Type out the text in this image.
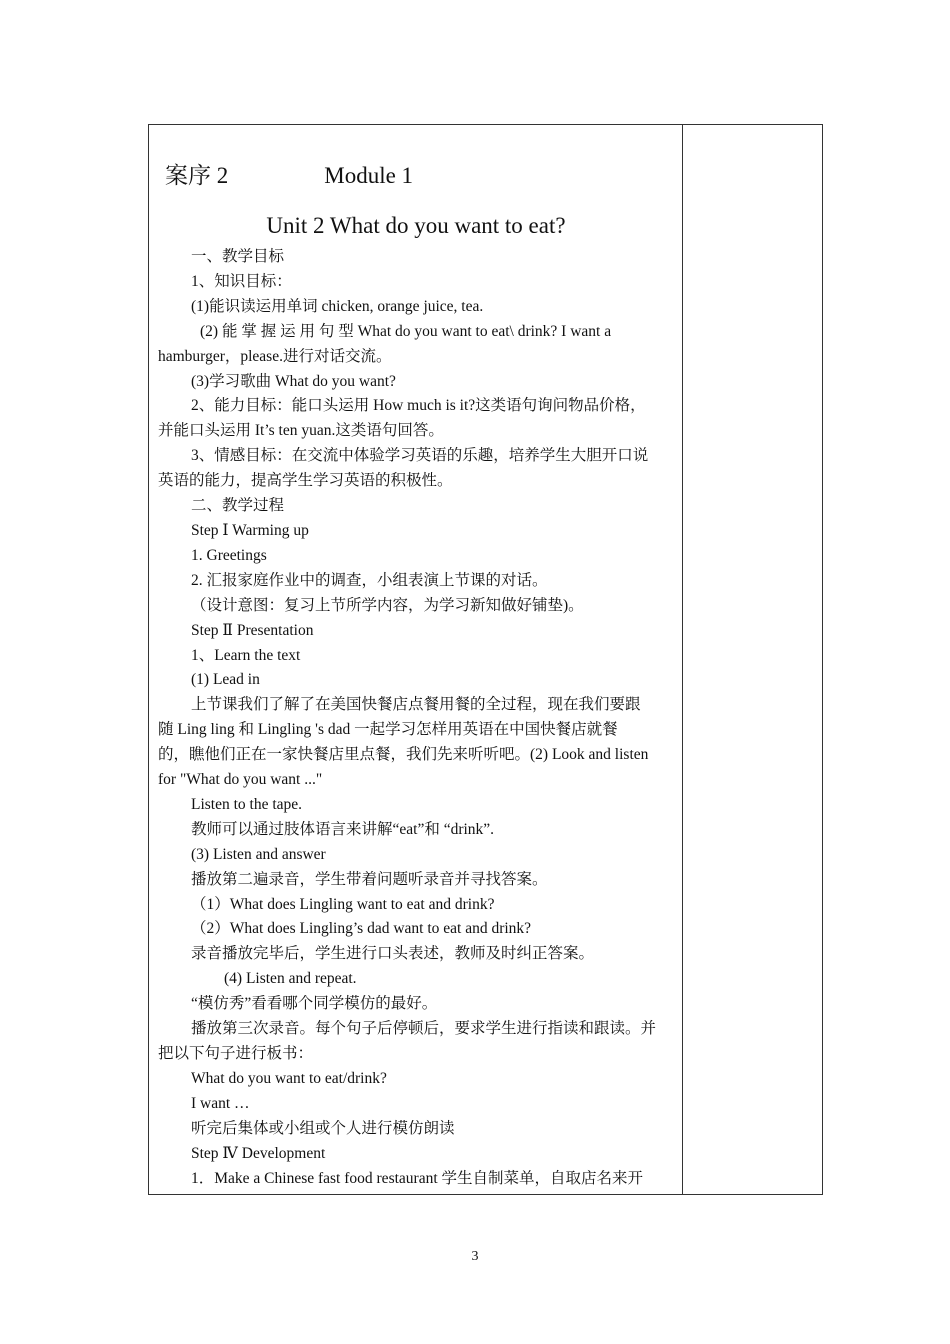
案序 2	Module 1
Unit 2 What do you want to eat?
一、教学目标
1、知识目标：
(1)能识读运用单词 chicken, orange juice, tea.
(2) 能 掌 握 运 用 句 型 What do you want to eat\ drink? I want a
hamburger，please.进行对话交流。
(3)学习歌曲 What do you want?
2、能力目标：能口头运用 How much is it?这类语句询问物品价格，
并能口头运用 It’s ten yuan.这类语句回答。
3、情感目标：在交流中体验学习英语的乐趣，培养学生大胆开口说
英语的能力，提高学生学习英语的积极性。
二、教学过程
Step Ⅰ Warming up
1. Greetings
2. 汇报家庭作业中的调查，小组表演上节课的对话。
（设计意图：复习上节所学内容，为学习新知做好铺垫)。
Step Ⅱ Presentation
1、Learn the text
(1) Lead in
上节课我们了解了在美国快餐店点餐用餐的全过程，现在我们要跟
随 Ling ling 和 Lingling 's dad 一起学习怎样用英语在中国快餐店就餐
的，瞧他们正在一家快餐店里点餐，我们先来听听吧。(2) Look and listen
for "What do you want ..."
Listen to the tape.
教师可以通过肢体语言来讲解“eat”和 “drink”.
(3) Listen and answer
播放第二遍录音，学生带着问题听录音并寻找答案。
（1）What does Lingling want to eat and drink?
（2）What does Lingling’s dad want to eat and drink?
录音播放完毕后，学生进行口头表述，教师及时纠正答案。
(4) Listen and repeat.
“模仿秀”看看哪个同学模仿的最好。
播放第三次录音。每个句子后停顿后，要求学生进行指读和跟读。并
把以下句子进行板书：
What do you want to eat/drink?
I want …
听完后集体或小组或个人进行模仿朗读
Step Ⅳ Development
1．Make a Chinese fast food restaurant 学生自制菜单，自取店名来开
3
